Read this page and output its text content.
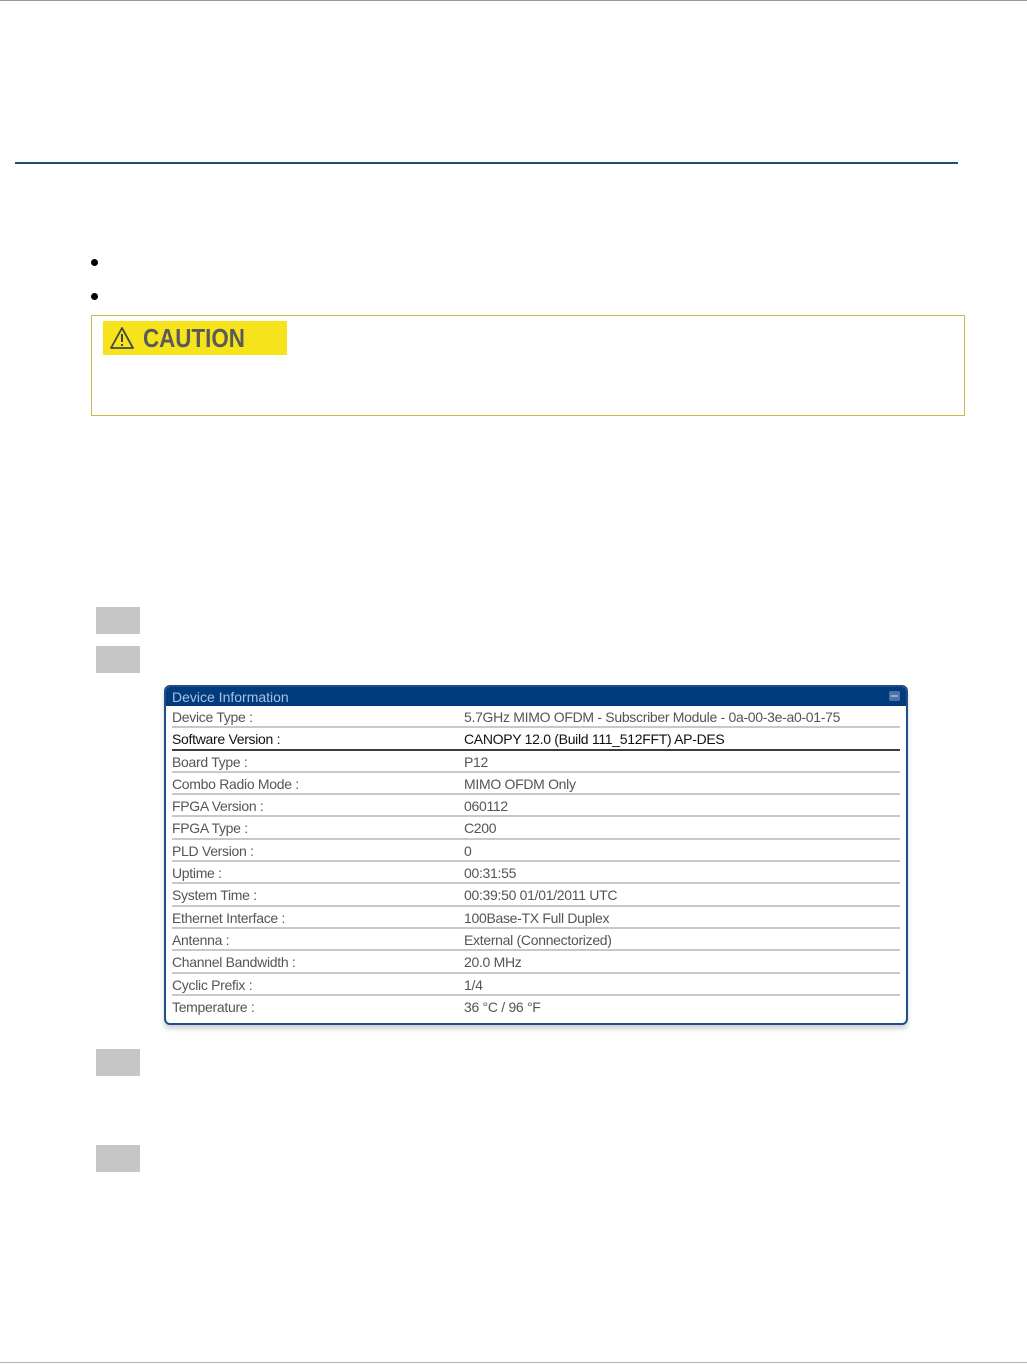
CAUTION
Device Information
Device Type :	5.7GHz MIMO OFDM - Subscriber Module - 0a-00-3e-a0-01-75
Software Version :	CANOPY 12.0 (Build 111_512FFT) AP-DES
Board Type :	P12
Combo Radio Mode :	MIMO OFDM Only
FPGA Version :	060112
FPGA Type :	C200
PLD Version :	0
Uptime :	00:31:55
System Time :	00:39:50 01/01/2011 UTC
Ethernet Interface :	100Base-TX Full Duplex
Antenna :	External (Connectorized)
Channel Bandwidth :	20.0 MHz
Cyclic Prefix :	1/4
Temperature :	36 °C / 96 °F
